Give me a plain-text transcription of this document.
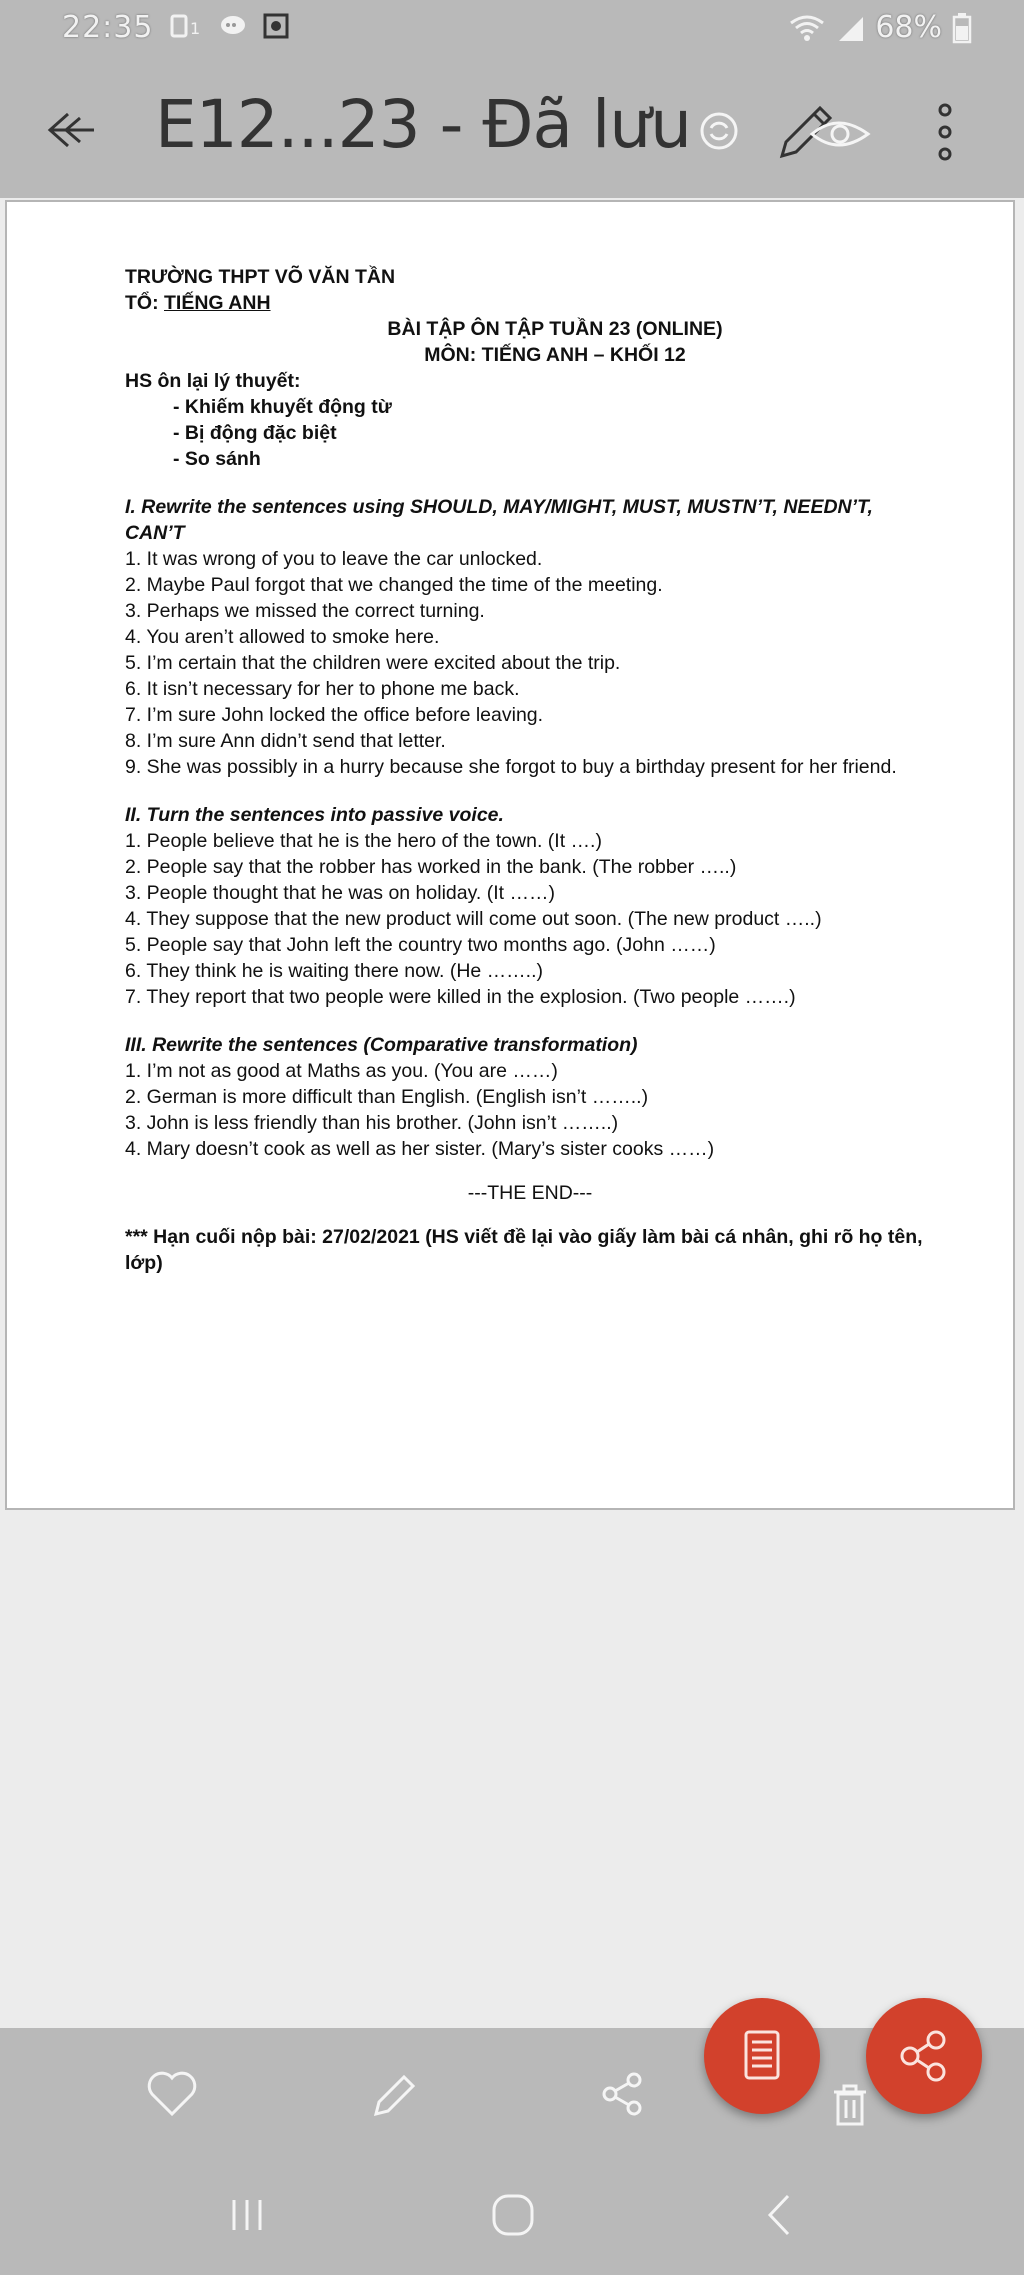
22:35 1	68%
E12...23 - Đã lưu
TRƯỜNG THPT VÕ VĂN TẦN
TỔ: TIẾNG ANH
BÀI TẬP ÔN TẬP TUẦN 23 (ONLINE)
MÔN: TIẾNG ANH – KHỐI 12
HS ôn lại lý thuyết:
- Khiếm khuyết động từ
- Bị động đặc biệt
- So sánh
I. Rewrite the sentences using SHOULD, MAY/MIGHT, MUST, MUSTN’T, NEEDN’T, CAN’T
1. It was wrong of you to leave the car unlocked.
2. Maybe Paul forgot that we changed the time of the meeting.
3. Perhaps we missed the correct turning.
4. You aren’t allowed to smoke here.
5. I’m certain that the children were excited about the trip.
6. It isn’t necessary for her to phone me back.
7. I’m sure John locked the office before leaving.
8. I’m sure Ann didn’t send that letter.
9. She was possibly in a hurry because she forgot to buy a birthday present for her friend.
II. Turn the sentences into passive voice.
1. People believe that he is the hero of the town. (It ….)
2. People say that the robber has worked in the bank. (The robber …..)
3. People thought that he was on holiday. (It ……)
4. They suppose that the new product will come out soon. (The new product …..)
5. People say that John left the country two months ago. (John ……)
6. They think he is waiting there now. (He ……..)
7. They report that two people were killed in the explosion. (Two people …….)
III. Rewrite the sentences (Comparative transformation)
1. I’m not as good at Maths as you. (You are ……)
2. German is more difficult than English. (English isn’t ……..)
3. John is less friendly than his brother. (John isn’t ……..)
4. Mary doesn’t cook as well as her sister. (Mary’s sister cooks ……)
---THE END---
*** Hạn cuối nộp bài: 27/02/2021 (HS viết đề lại vào giấy làm bài cá nhân, ghi rõ họ tên, lớp)
